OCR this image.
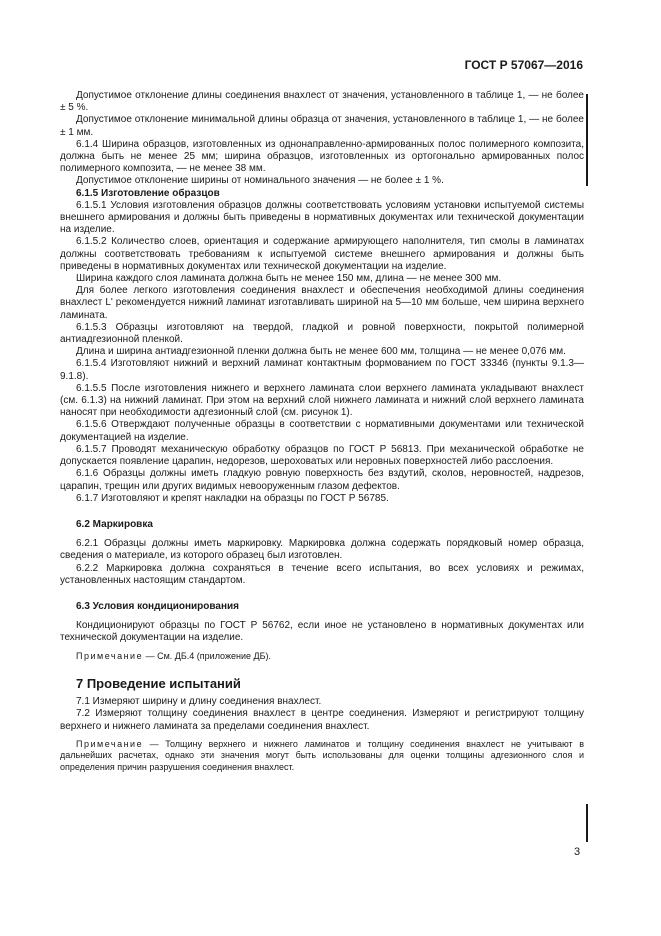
ГОСТ Р 57067—2016

Допустимое отклонение длины соединения внахлест от значения, установленного в таблице 1, — не более ± 5 %.

Допустимое отклонение минимальной длины образца от значения, установленного в таблице 1, — не более ± 1 мм.

6.1.4 Ширина образцов, изготовленных из однонаправленно-армированных полос полимерного композита, должна быть не менее 25 мм; ширина образцов, изготовленных из ортогонально армированных полос полимерного композита, — не менее 38 мм.

Допустимое отклонение ширины от номинального значения — не более ± 1 %.

6.1.5 Изготовление образцов

6.1.5.1 Условия изготовления образцов должны соответствовать условиям установки испытуемой системы внешнего армирования и должны быть приведены в нормативных документах или технической документации на изделие.

6.1.5.2 Количество слоев, ориентация и содержание армирующего наполнителя, тип смолы в ламинатах должны соответствовать требованиям к испытуемой системе внешнего армирования и должны быть приведены в нормативных документах или технической документации на изделие.

Ширина каждого слоя ламината должна быть не менее 150 мм, длина — не менее 300 мм.

Для более легкого изготовления соединения внахлест и обеспечения необходимой длины соединения внахлест L' рекомендуется нижний ламинат изготавливать шириной на 5—10 мм больше, чем ширина верхнего ламината.

6.1.5.3 Образцы изготовляют на твердой, гладкой и ровной поверхности, покрытой полимерной антиадгезионной пленкой.

Длина и ширина антиадгезионной пленки должна быть не менее 600 мм, толщина — не менее 0,076 мм.

6.1.5.4 Изготовляют нижний и верхний ламинат контактным формованием по ГОСТ 33346 (пункты 9.1.3—9.1.8).

6.1.5.5 После изготовления нижнего и верхнего ламината слои верхнего ламината укладывают внахлест (см. 6.1.3) на нижний ламинат. При этом на верхний слой нижнего ламината и нижний слой верхнего ламината наносят при необходимости адгезионный слой (см. рисунок 1).

6.1.5.6 Отверждают полученные образцы в соответствии с нормативными документами или технической документацией на изделие.

6.1.5.7 Проводят механическую обработку образцов по ГОСТ Р 56813. При механической обработке не допускается появление царапин, недорезов, шероховатых или неровных поверхностей либо расслоения.

6.1.6 Образцы должны иметь гладкую ровную поверхность без вздутий, сколов, неровностей, надрезов, царапин, трещин или других видимых невооруженным глазом дефектов.

6.1.7 Изготовляют и крепят накладки на образцы по ГОСТ Р 56785.

6.2 Маркировка

6.2.1 Образцы должны иметь маркировку. Маркировка должна содержать порядковый номер образца, сведения о материале, из которого образец был изготовлен.

6.2.2 Маркировка должна сохраняться в течение всего испытания, во всех условиях и режимах, установленных настоящим стандартом.

6.3 Условия кондиционирования

Кондиционируют образцы по ГОСТ Р 56762, если иное не установлено в нормативных документах или технической документации на изделие.

Примечание — См. ДБ.4 (приложение ДБ).

7 Проведение испытаний

7.1 Измеряют ширину и длину соединения внахлест.

7.2 Измеряют толщину соединения внахлест в центре соединения. Измеряют и регистрируют толщину верхнего и нижнего ламината за пределами соединения внахлест.

Примечание — Толщину верхнего и нижнего ламинатов и толщину соединения внахлест не учитывают в дальнейших расчетах, однако эти значения могут быть использованы для оценки толщины адгезионного слоя и определения причин разрушения соединения внахлест.

3
